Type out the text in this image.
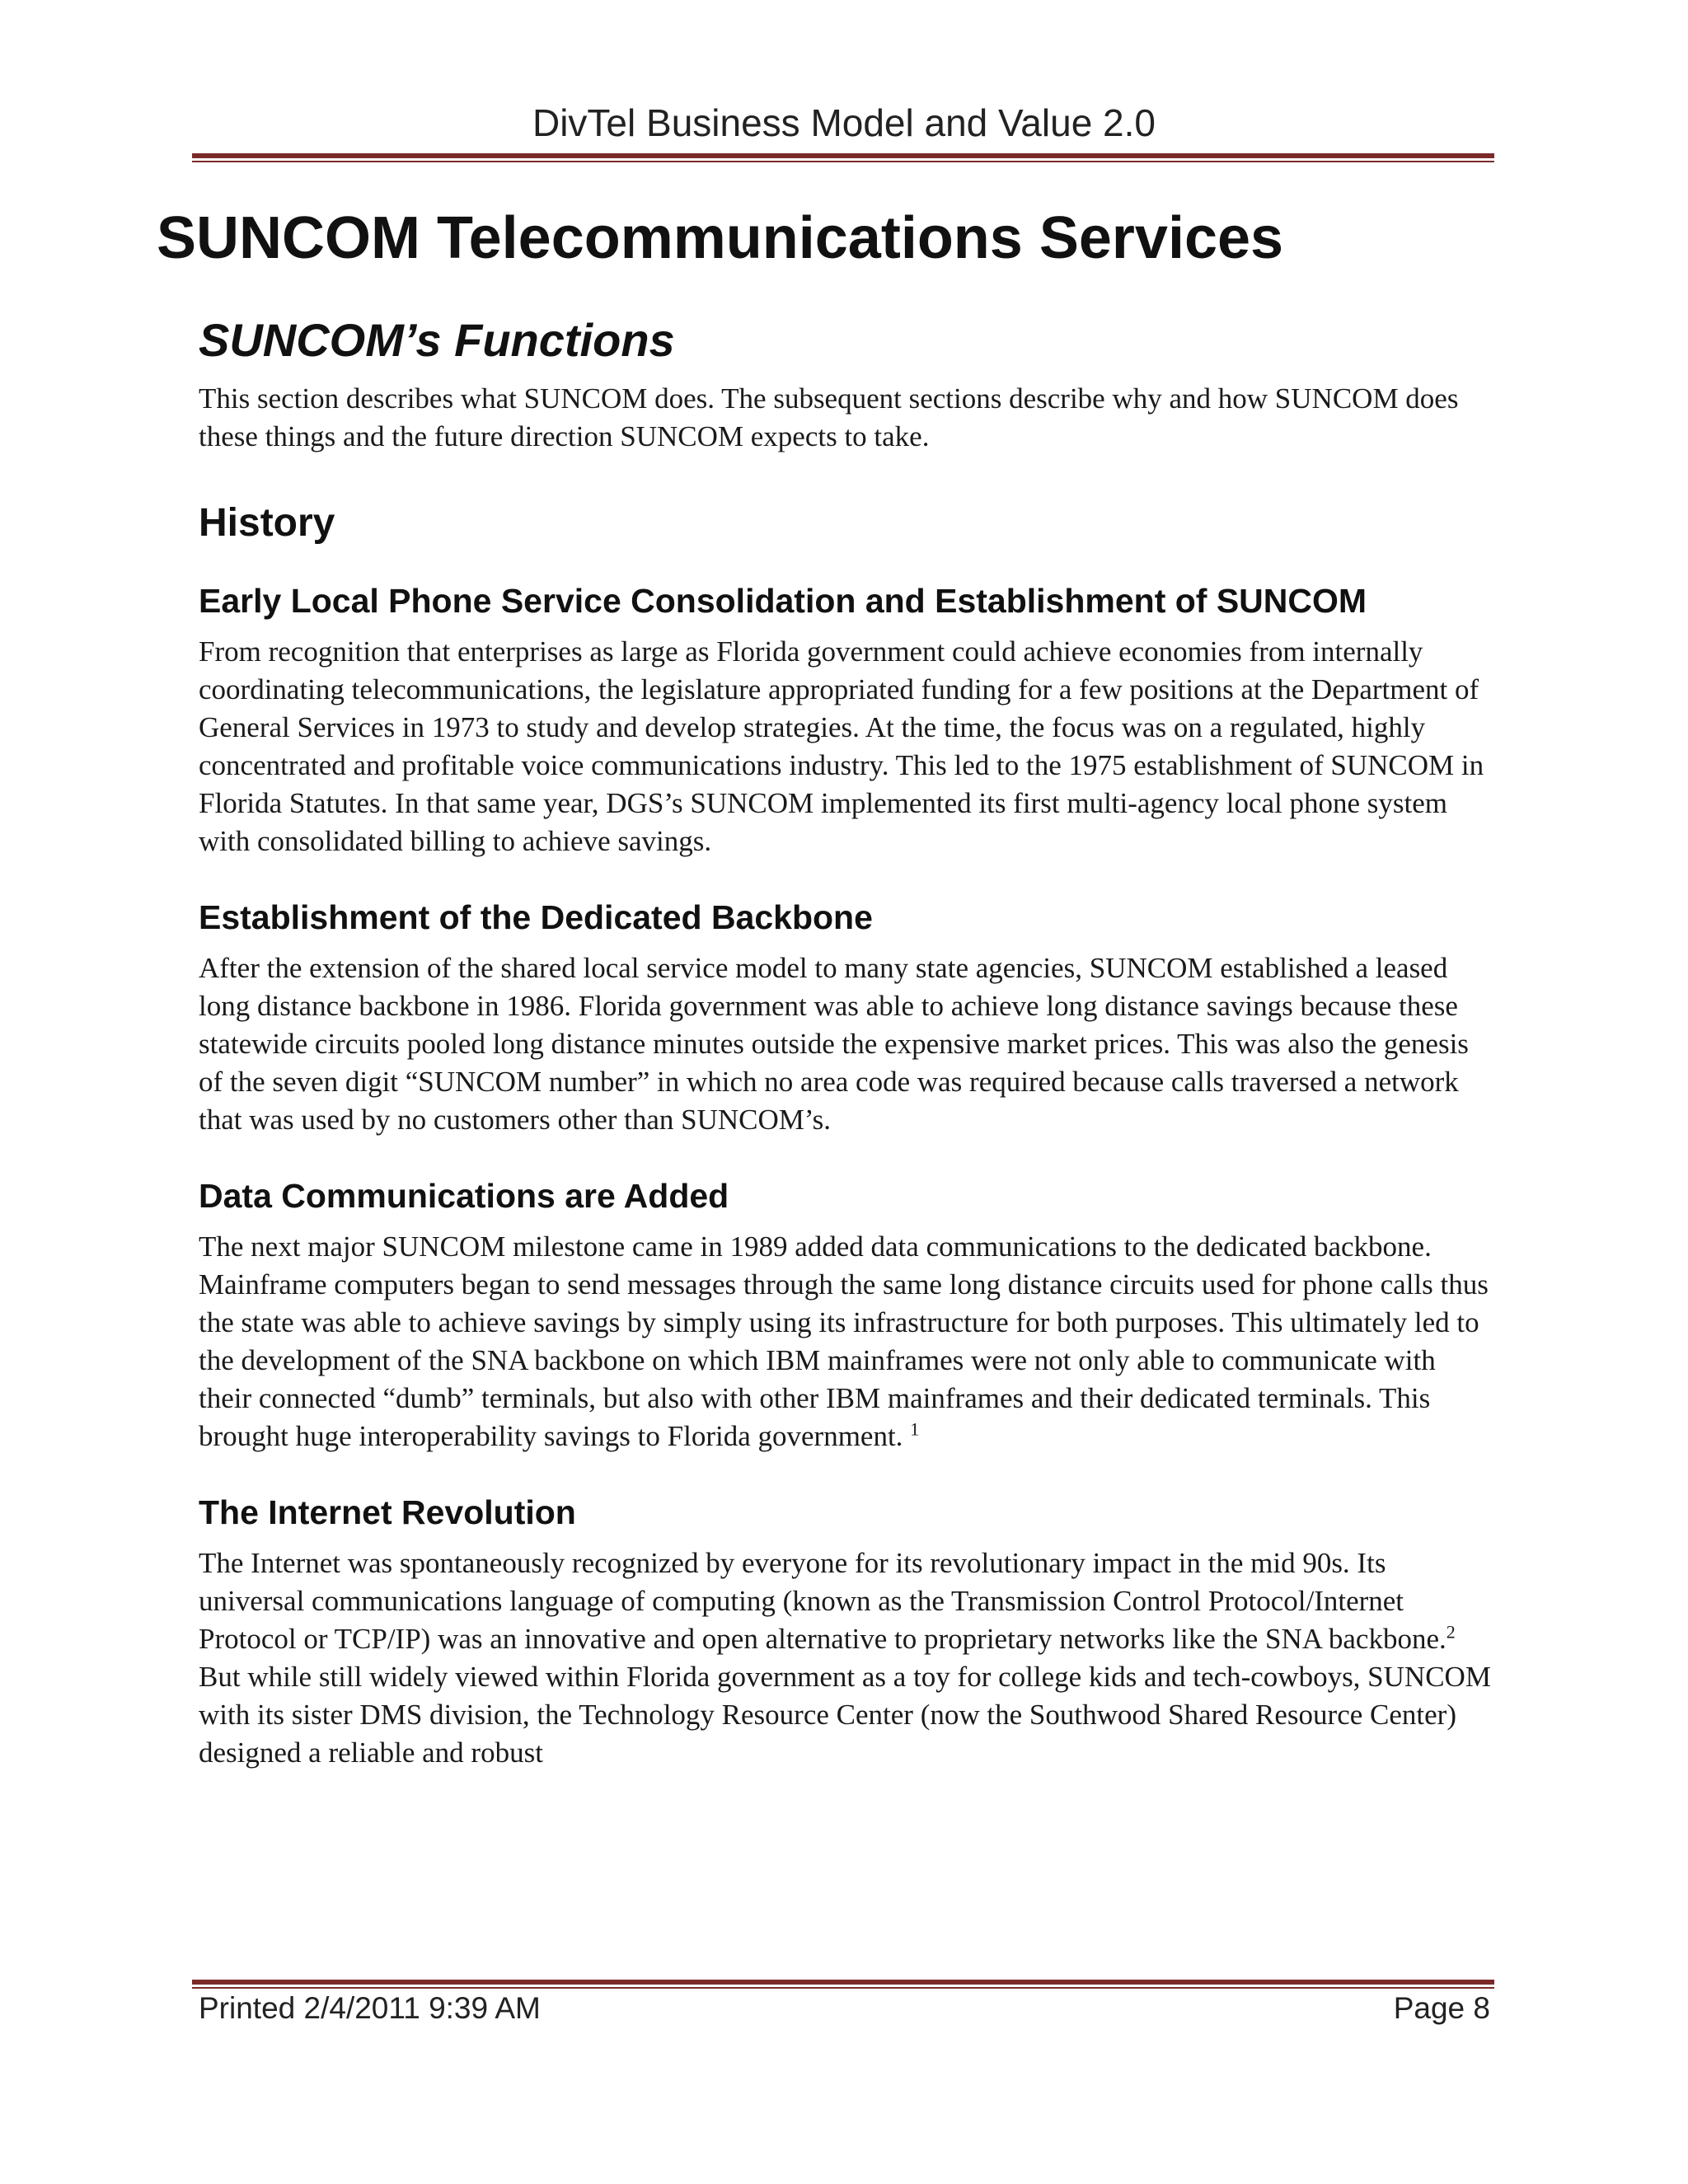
DivTel Business Model and Value 2.0
SUNCOM Telecommunications Services
SUNCOM’s Functions

This section describes what SUNCOM does. The subsequent sections describe why and how SUNCOM does these things and the future direction SUNCOM expects to take.

History
Early Local Phone Service Consolidation and Establishment of SUNCOM

From recognition that enterprises as large as Florida government could achieve economies from internally coordinating telecommunications, the legislature appropriated funding for a few positions at the Department of General Services in 1973 to study and develop strategies. At the time, the focus was on a regulated, highly concentrated and profitable voice communications industry. This led to the 1975 establishment of SUNCOM in Florida Statutes. In that same year, DGS’s SUNCOM implemented its first multi-agency local phone system with consolidated billing to achieve savings.

Establishment of the Dedicated Backbone

After the extension of the shared local service model to many state agencies, SUNCOM established a leased long distance backbone in 1986. Florida government was able to achieve long distance savings because these statewide circuits pooled long distance minutes outside the expensive market prices. This was also the genesis of the seven digit “SUNCOM number” in which no area code was required because calls traversed a network that was used by no customers other than SUNCOM’s.

Data Communications are Added

The next major SUNCOM milestone came in 1989 added data communications to the dedicated backbone. Mainframe computers began to send messages through the same long distance circuits used for phone calls thus the state was able to achieve savings by simply using its infrastructure for both purposes. This ultimately led to the development of the SNA backbone on which IBM mainframes were not only able to communicate with their connected “dumb” terminals, but also with other IBM mainframes and their dedicated terminals. This brought huge interoperability savings to Florida government. $^1$

The Internet Revolution

The Internet was spontaneously recognized by everyone for its revolutionary impact in the mid 90s. Its universal communications language of computing (known as the Transmission Control Protocol/Internet Protocol or TCP/IP) was an innovative and open alternative to proprietary networks like the SNA backbone.$^2$ But while still widely viewed within Florida government as a toy for college kids and tech-cowboys, SUNCOM with its sister DMS division, the Technology Resource Center (now the Southwood Shared Resource Center) designed a reliable and robust

Printed 2/4/2011 9:39 AM	Page 8
